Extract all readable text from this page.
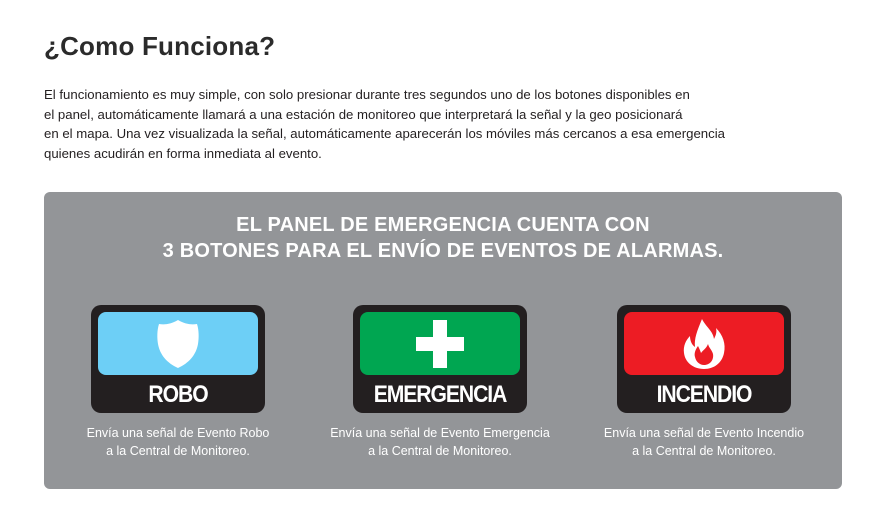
¿Como Funciona?

El funcionamiento es muy simple, con solo presionar durante tres segundos uno de los botones disponibles en
el panel, automáticamente llamará a una estación de monitoreo que interpretará la señal y la geo posicionará
en el mapa. Una vez visualizada la señal, automáticamente aparecerán los móviles más cercanos a esa emergencia
quienes acudirán en forma inmediata al evento.

EL PANEL DE EMERGENCIA CUENTA CON
3 BOTONES PARA EL ENVÍO DE EVENTOS DE ALARMAS.
ROBO
Envía una señal de Evento Robo
a la Central de Monitoreo.
EMERGENCIA
Envía una señal de Evento Emergencia
a la Central de Monitoreo.
INCENDIO
Envía una señal de Evento Incendio
a la Central de Monitoreo.
